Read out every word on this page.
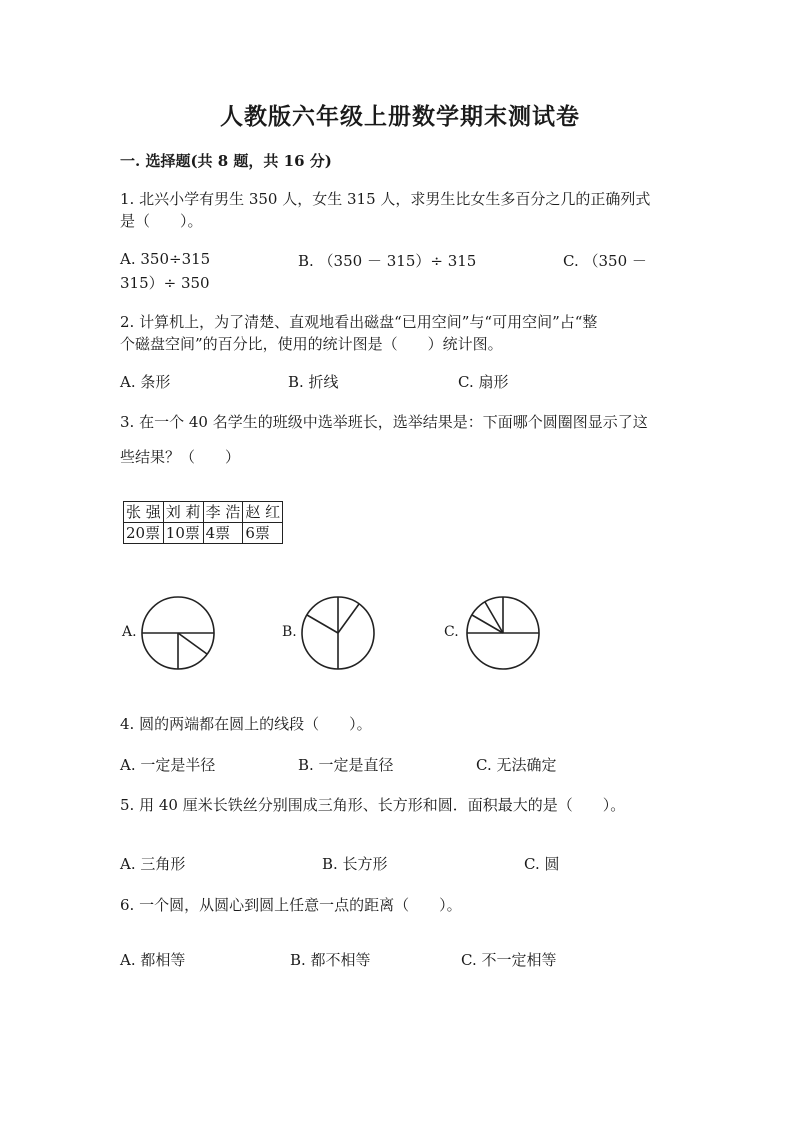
人教版六年级上册数学期末测试卷
一. 选择题(共 8 题，共 16 分)
1. 北兴小学有男生 350 人，女生 315 人，求男生比女生多百分之几的正确列式
是（　　）。
A. 350÷315	B. （350 － 315）÷ 315	C. （350 －
315）÷ 350
2. 计算机上，为了清楚、直观地看出磁盘“已用空间”与“可用空间”占“整
个磁盘空间”的百分比，使用的统计图是（　　）统计图。
A. 条形	B. 折线	C. 扇形
3. 在一个 40 名学生的班级中选举班长，选举结果是：下面哪个圆圈图显示了这
些结果？（　　）
张 强	刘 莉	李 浩	赵 红
20票	10票	4票	6票
A.	B.	C.
4. 圆的两端都在圆上的线段（　　）。
A. 一定是半径	B. 一定是直径	C. 无法确定
5. 用 40 厘米长铁丝分别围成三角形、长方形和圆．面积最大的是（　　）。
A. 三角形	B. 长方形	C. 圆
6. 一个圆，从圆心到圆上任意一点的距离（　　）。
A. 都相等	B. 都不相等	C. 不一定相等
